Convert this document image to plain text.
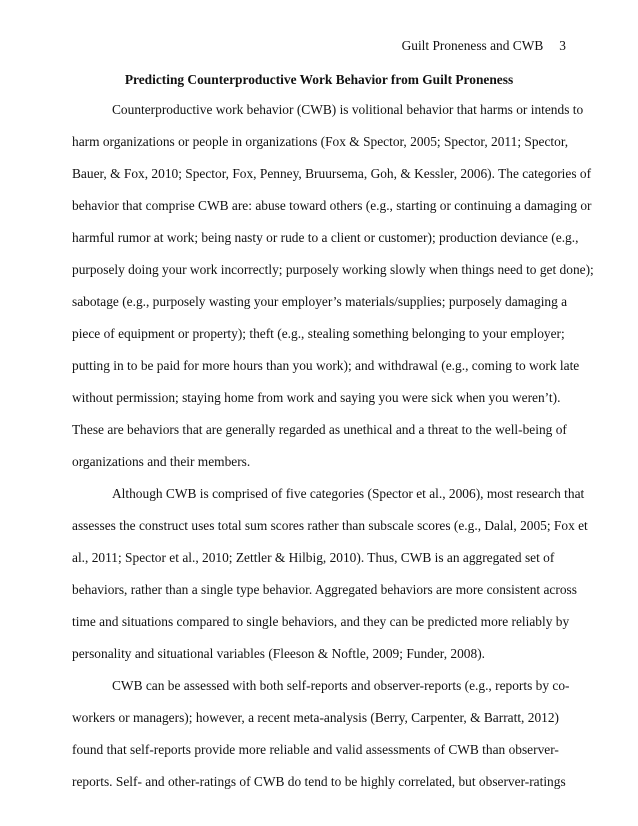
Guilt Proneness and CWB 3
Predicting Counterproductive Work Behavior from Guilt Proneness
Counterproductive work behavior (CWB) is volitional behavior that harms or intends to
harm organizations or people in organizations (Fox & Spector, 2005; Spector, 2011; Spector,
Bauer, & Fox, 2010; Spector, Fox, Penney, Bruursema, Goh, & Kessler, 2006). The categories of
behavior that comprise CWB are: abuse toward others (e.g., starting or continuing a damaging or
harmful rumor at work; being nasty or rude to a client or customer); production deviance (e.g.,
purposely doing your work incorrectly; purposely working slowly when things need to get done);
sabotage (e.g., purposely wasting your employer’s materials/supplies; purposely damaging a
piece of equipment or property); theft (e.g., stealing something belonging to your employer;
putting in to be paid for more hours than you work); and withdrawal (e.g., coming to work late
without permission; staying home from work and saying you were sick when you weren’t).
These are behaviors that are generally regarded as unethical and a threat to the well-being of
organizations and their members.
Although CWB is comprised of five categories (Spector et al., 2006), most research that
assesses the construct uses total sum scores rather than subscale scores (e.g., Dalal, 2005; Fox et
al., 2011; Spector et al., 2010; Zettler & Hilbig, 2010). Thus, CWB is an aggregated set of
behaviors, rather than a single type behavior. Aggregated behaviors are more consistent across
time and situations compared to single behaviors, and they can be predicted more reliably by
personality and situational variables (Fleeson & Noftle, 2009; Funder, 2008).
CWB can be assessed with both self-reports and observer-reports (e.g., reports by co-
workers or managers); however, a recent meta-analysis (Berry, Carpenter, & Barratt, 2012)
found that self-reports provide more reliable and valid assessments of CWB than observer-
reports. Self- and other-ratings of CWB do tend to be highly correlated, but observer-ratings
